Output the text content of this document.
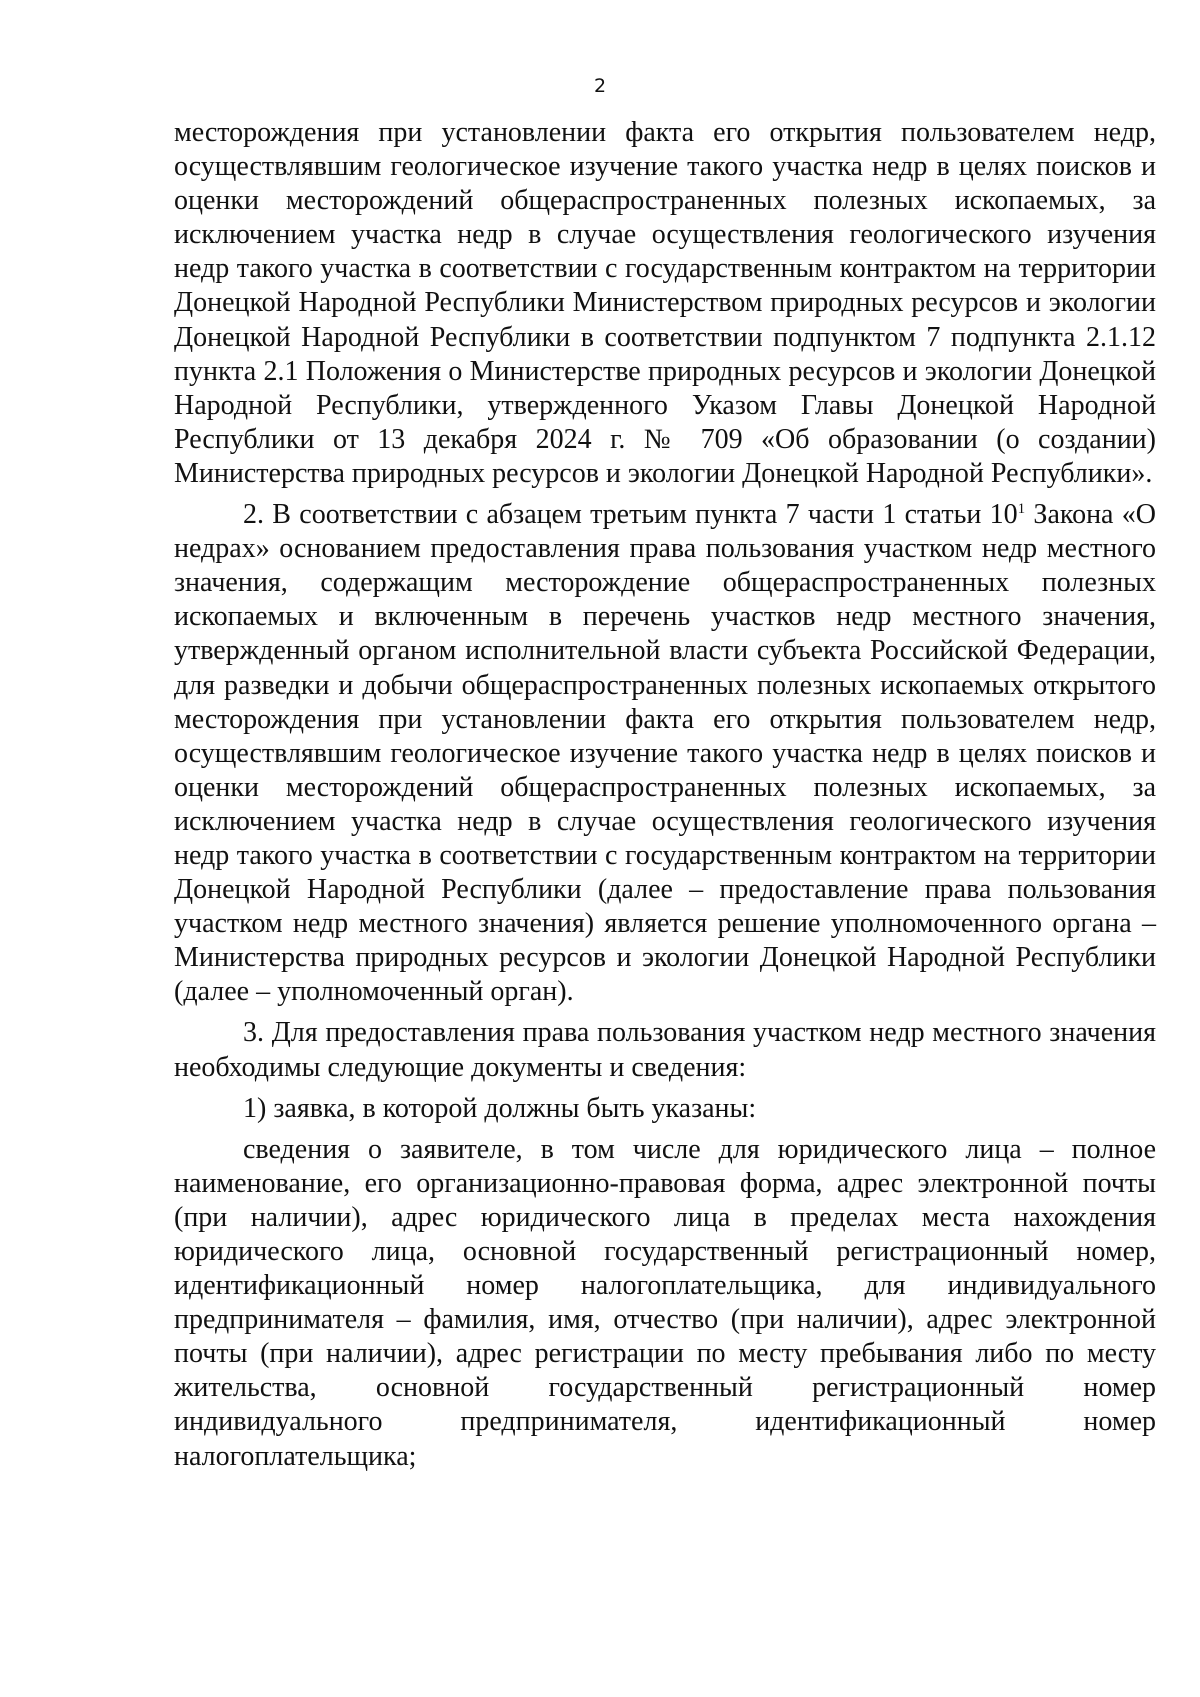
2

месторождения при установлении факта его открытия пользователем недр, осуществлявшим геологическое изучение такого участка недр в целях поисков и оценки месторождений общераспространенных полезных ископаемых, за исключением участка недр в случае осуществления геологического изучения недр такого участка в соответствии с государственным контрактом на территории Донецкой Народной Республики Министерством природных ресурсов и экологии Донецкой Народной Республики в соответствии подпунктом 7 подпункта 2.1.12 пункта 2.1 Положения о Министерстве природных ресурсов и экологии Донецкой Народной Республики, утвержденного Указом Главы Донецкой Народной Республики от 13 декабря 2024 г. № 709 «Об образовании (о создании) Министерства природных ресурсов и экологии Донецкой Народной Республики».

2. В соответствии с абзацем третьим пункта 7 части 1 статьи $10^1$ Закона «О недрах» основанием предоставления права пользования участком недр местного значения, содержащим месторождение общераспространенных полезных ископаемых и включенным в перечень участков недр местного значения, утвержденный органом исполнительной власти субъекта Российской Федерации, для разведки и добычи общераспространенных полезных ископаемых открытого месторождения при установлении факта его открытия пользователем недр, осуществлявшим геологическое изучение такого участка недр в целях поисков и оценки месторождений общераспространенных полезных ископаемых, за исключением участка недр в случае осуществления геологического изучения недр такого участка в соответствии с государственным контрактом на территории Донецкой Народной Республики (далее – предоставление права пользования участком недр местного значения) является решение уполномоченного органа – Министерства природных ресурсов и экологии Донецкой Народной Республики (далее – уполномоченный орган).

3. Для предоставления права пользования участком недр местного значения необходимы следующие документы и сведения:

1) заявка, в которой должны быть указаны:

сведения о заявителе, в том числе для юридического лица – полное наименование, его организационно-правовая форма, адрес электронной почты (при наличии), адрес юридического лица в пределах места нахождения юридического лица, основной государственный регистрационный номер, идентификационный номер налогоплательщика, для индивидуального предпринимателя – фамилия, имя, отчество (при наличии), адрес электронной почты (при наличии), адрес регистрации по месту пребывания либо по месту жительства, основной государственный регистрационный номер индивидуального предпринимателя, идентификационный номер налогоплательщика;
